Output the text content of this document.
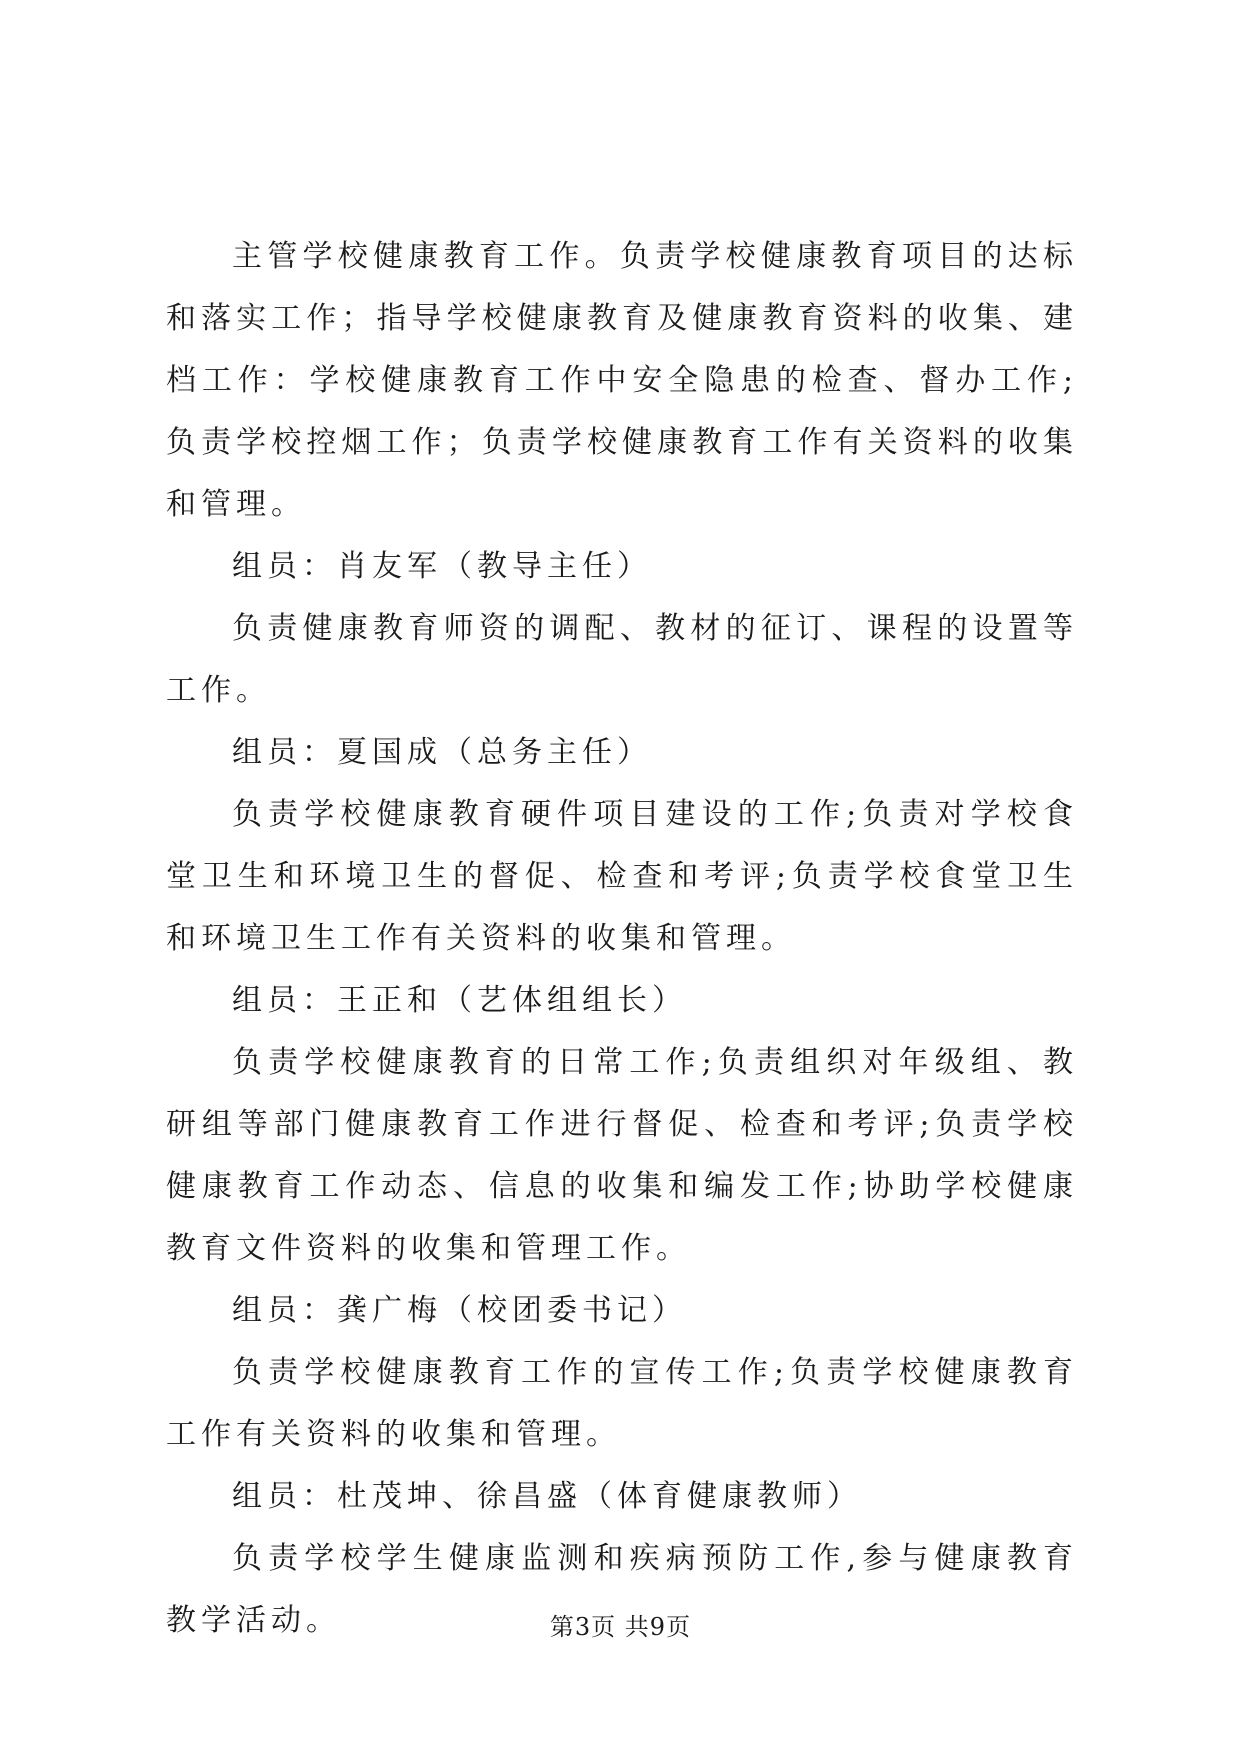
主管学校健康教育工作。负责学校健康教育项目的达标和落实工作；指导学校健康教育及健康教育资料的收集、建档工作：学校健康教育工作中安全隐患的检查、督办工作;负责学校控烟工作；负责学校健康教育工作有关资料的收集和管理。

组员：肖友军（教导主任）

负责健康教育师资的调配、教材的征订、课程的设置等工作。

组员：夏国成（总务主任）

负责学校健康教育硬件项目建设的工作;负责对学校食堂卫生和环境卫生的督促、检查和考评;负责学校食堂卫生和环境卫生工作有关资料的收集和管理。

组员：王正和（艺体组组长）

负责学校健康教育的日常工作;负责组织对年级组、教研组等部门健康教育工作进行督促、检查和考评;负责学校健康教育工作动态、信息的收集和编发工作;协助学校健康教育文件资料的收集和管理工作。

组员：龚广梅（校团委书记）

负责学校健康教育工作的宣传工作;负责学校健康教育工作有关资料的收集和管理。

组员：杜茂坤、徐昌盛（体育健康教师）

负责学校学生健康监测和疾病预防工作,参与健康教育教学活动。	第3页 共9页
